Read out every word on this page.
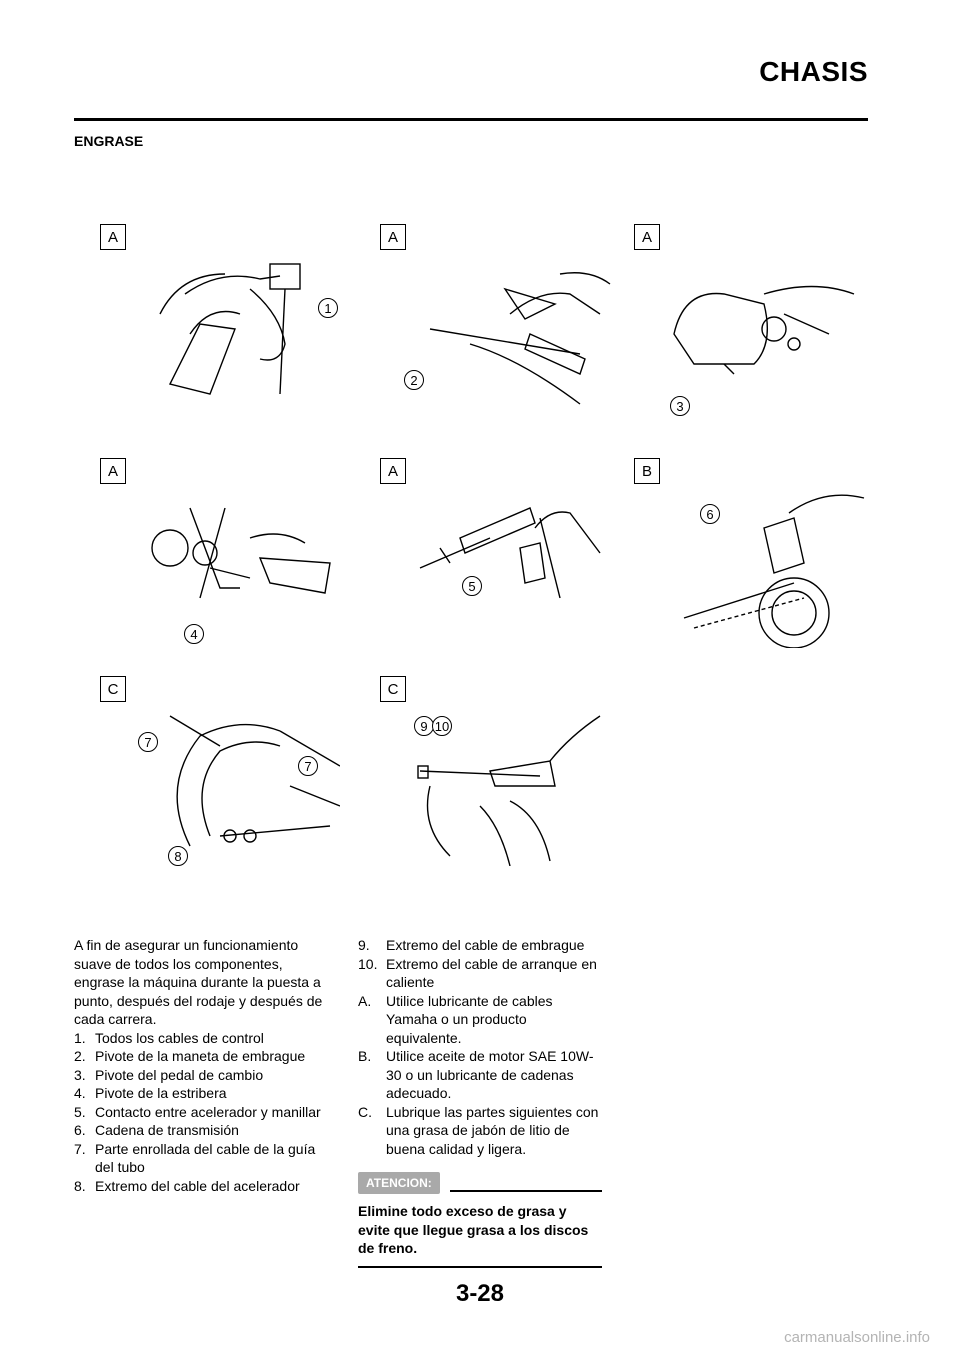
CHASIS
ENGRASE
A
1
A
2
A
3
A
4
A
5
B
6
C
7
7
8
C
9 10

A fin de asegurar un funcionamiento suave de todos los componentes, engrase la máquina durante la puesta a punto, después del rodaje y después de cada carrera.

1. Todos los cables de control
2. Pivote de la maneta de embrague
3. Pivote del pedal de cambio
4. Pivote de la estribera
5. Contacto entre acelerador y manillar
6. Cadena de transmisión
7. Parte enrollada del cable de la guía del tubo
8. Extremo del cable del acelerador
9.	Extremo del cable de embrague
10. Extremo del cable de arranque en caliente
A.	Utilice lubricante de cables Yamaha o un producto equivalente.
B.	Utilice aceite de motor SAE 10W-30 o un lubricante de cadenas adecuado.
C.	Lubrique las partes siguientes con una grasa de jabón de litio de buena calidad y ligera.
ATENCION:
Elimine todo exceso de grasa y evite que llegue grasa a los discos de freno.
3-28
carmanualsonline.info
